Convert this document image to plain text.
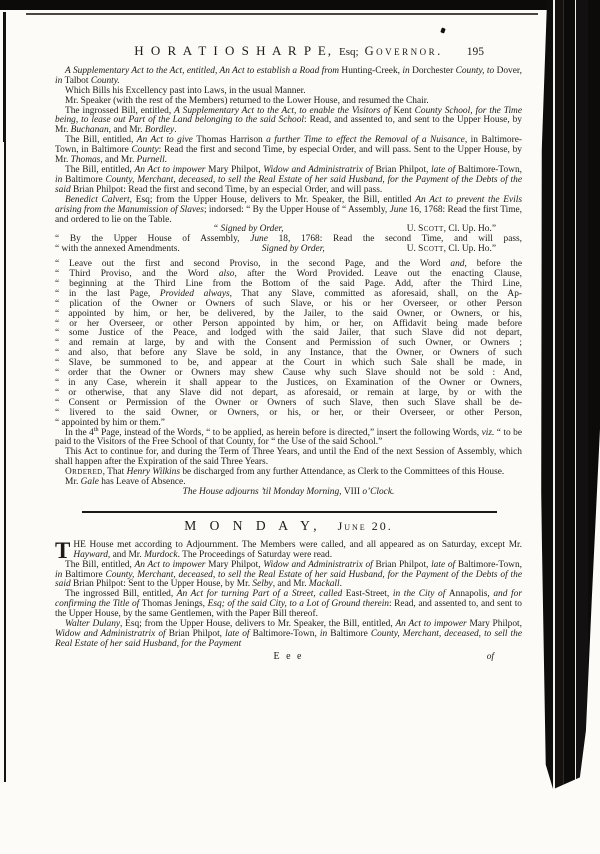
H O R A T I O S H A R P E, Esq; Governor. 195
A Supplementary Act to the Act, entitled, An Act to establish a Road from Hunting-Creek, in Dorchester County, to Dover, in Talbot County.
Which Bills his Excellency past into Laws, in the usual Manner.
Mr. Speaker (with the rest of the Members) returned to the Lower House, and resumed the Chair.
The ingrossed Bill, entitled, A Supplementary Act to the Act, to enable the Visitors of Kent County School, for the Time being, to lease out Part of the Land belonging to the said School: Read, and assented to, and sent to the Upper House, by Mr. Buchanan, and Mr. Bordley.
The Bill, entitled, An Act to give Thomas Harrison a further Time to effect the Removal of a Nuisance, in Baltimore-Town, in Baltimore County: Read the first and second Time, by especial Order, and will pass. Sent to the Upper House, by Mr. Thomas, and Mr. Purnell.
The Bill, entitled, An Act to impower Mary Philpot, Widow and Administratrix of Brian Philpot, late of Baltimore-Town, in Baltimore County, Merchant, deceased, to sell the Real Estate of her said Husband, for the Payment of the Debts of the said Brian Philpot: Read the first and second Time, by an especial Order, and will pass.
Benedict Calvert, Esq; from the Upper House, delivers to Mr. Speaker, the Bill, entitled An Act to prevent the Evils arising from the Manumission of Slaves; indorsed: “ By the Upper House of “ Assembly, June 16, 1768: Read the first Time, and ordered to lie on the Table.
“ Signed by Order,	U. Scott, Cl. Up. Ho.”
“ By the Upper House of Assembly, June 18, 1768: Read the second Time, and will pass,
“ with the annexed Amendments.	Signed by Order,	U. Scott, Cl. Up. Ho.”
“ Leave out the first and second Proviso, in the second Page, and the Word and, before the
“ Third Proviso, and the Word also, after the Word Provided. Leave out the enacting Clause,
“ beginning at the Third Line from the Bottom of the said Page. Add, after the Third Line,
“ in the last Page, Provided always, That any Slave, committed as aforesaid, shall, on the Ap-
“ plication of the Owner or Owners of such Slave, or his or her Overseer, or other Person
“ appointed by him, or her, be delivered, by the Jailer, to the said Owner, or Owners, or his,
“ or her Overseer, or other Person appointed by him, or her, on Affidavit being made before
“ some Justice of the Peace, and lodged with the said Jailer, that such Slave did not depart,
“ and remain at large, by and with the Consent and Permission of such Owner, or Owners ;
“ and also, that before any Slave be sold, in any Instance, that the Owner, or Owners of such
“ Slave, be summoned to be, and appear at the Court in which such Sale shall be made, in
“ order that the Owner or Owners may shew Cause why such Slave should not be sold : And,
“ in any Case, wherein it shall appear to the Justices, on Examination of the Owner or Owners,
“ or otherwise, that any Slave did not depart, as aforesaid, or remain at large, by or with the
“ Consent or Permission of the Owner or Owners of such Slave, then such Slave shall be de-
“ livered to the said Owner, or Owners, or his, or her, or their Overseer, or other Person,
“ appointed by him or them.”
In the 4th Page, instead of the Words, “ to be applied, as herein before is directed,” insert the following Words, viz. “ to be paid to the Visitors of the Free School of that County, for “ the Use of the said School.”
This Act to continue for, and during the Term of Three Years, and until the End of the next Session of Assembly, which shall happen after the Expiration of the said Three Years.
Ordered, That Henry Wilkins be discharged from any further Attendance, as Clerk to the Committees of this House.
Mr. Gale has Leave of Absence.
The House adjourns ’til Monday Morning, VIII o’Clock.
M O N D A Y, June 20.
THE House met according to Adjournment. The Members were called, and all appeared as on Saturday, except Mr. Hayward, and Mr. Murdock. The Proceedings of Saturday were read.
The Bill, entitled, An Act to impower Mary Philpot, Widow and Administratrix of Brian Philpot, late of Baltimore-Town, in Baltimore County, Merchant, deceased, to sell the Real Estate of her said Husband, for the Payment of the Debts of the said Brian Philpot: Sent to the Upper House, by Mr. Selby, and Mr. Mackall.
The ingrossed Bill, entitled, An Act for turning Part of a Street, called East-Street, in the City of Annapolis, and for confirming the Title of Thomas Jenings, Esq; of the said City, to a Lot of Ground therein: Read, and assented to, and sent to the Upper House, by the same Gentlemen, with the Paper Bill thereof.
Walter Dulany, Esq; from the Upper House, delivers to Mr. Speaker, the Bill, entitled, An Act to impower Mary Philpot, Widow and Administratrix of Brian Philpot, late of Baltimore-Town, in Baltimore County, Merchant, deceased, to sell the Real Estate of her said Husband, for the Payment
E e e	of
